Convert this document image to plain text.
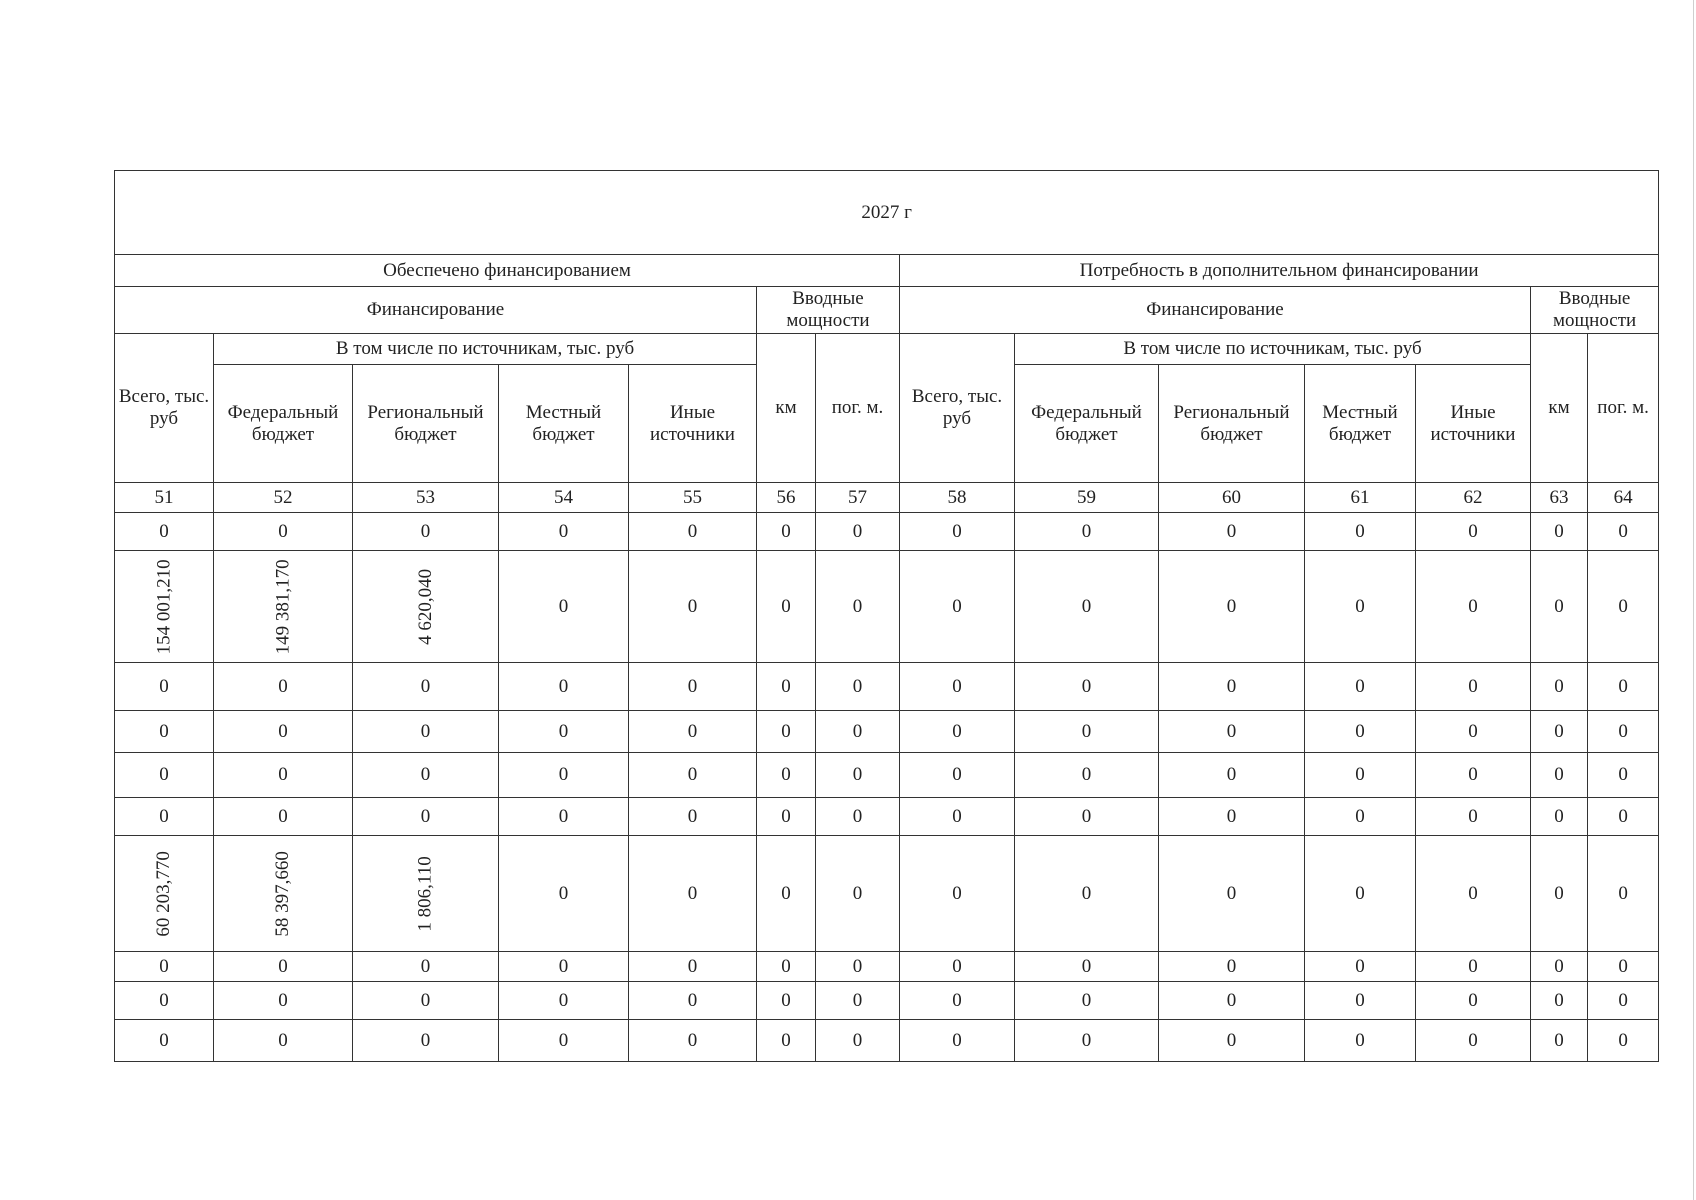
2027 г													
Обеспечено финансированием							Потребность в дополнительном финансировании						
Финансирование					Вводные мощности		Финансирование					Вводные мощности	
Всего, тыс. руб	В том числе по источникам, тыс. руб				км	пог. м.	Всего, тыс. руб	В том числе по источникам, тыс. руб				км	пог. м.
	Федеральный бюджет	Региональный бюджет	Местный бюджет	Иные источники				Федеральный бюджет	Региональный бюджет	Местный бюджет	Иные источники		
51	52	53	54	55	56	57	58	59	60	61	62	63	64
0	0	0	0	0	0	0	0	0	0	0	0	0	0
154 001,210	149 381,170	4 620,040	0	0	0	0	0	0	0	0	0	0	0
0	0	0	0	0	0	0	0	0	0	0	0	0	0
0	0	0	0	0	0	0	0	0	0	0	0	0	0
0	0	0	0	0	0	0	0	0	0	0	0	0	0
0	0	0	0	0	0	0	0	0	0	0	0	0	0
60 203,770	58 397,660	1 806,110	0	0	0	0	0	0	0	0	0	0	0
0	0	0	0	0	0	0	0	0	0	0	0	0	0
0	0	0	0	0	0	0	0	0	0	0	0	0	0
0	0	0	0	0	0	0	0	0	0	0	0	0	0
